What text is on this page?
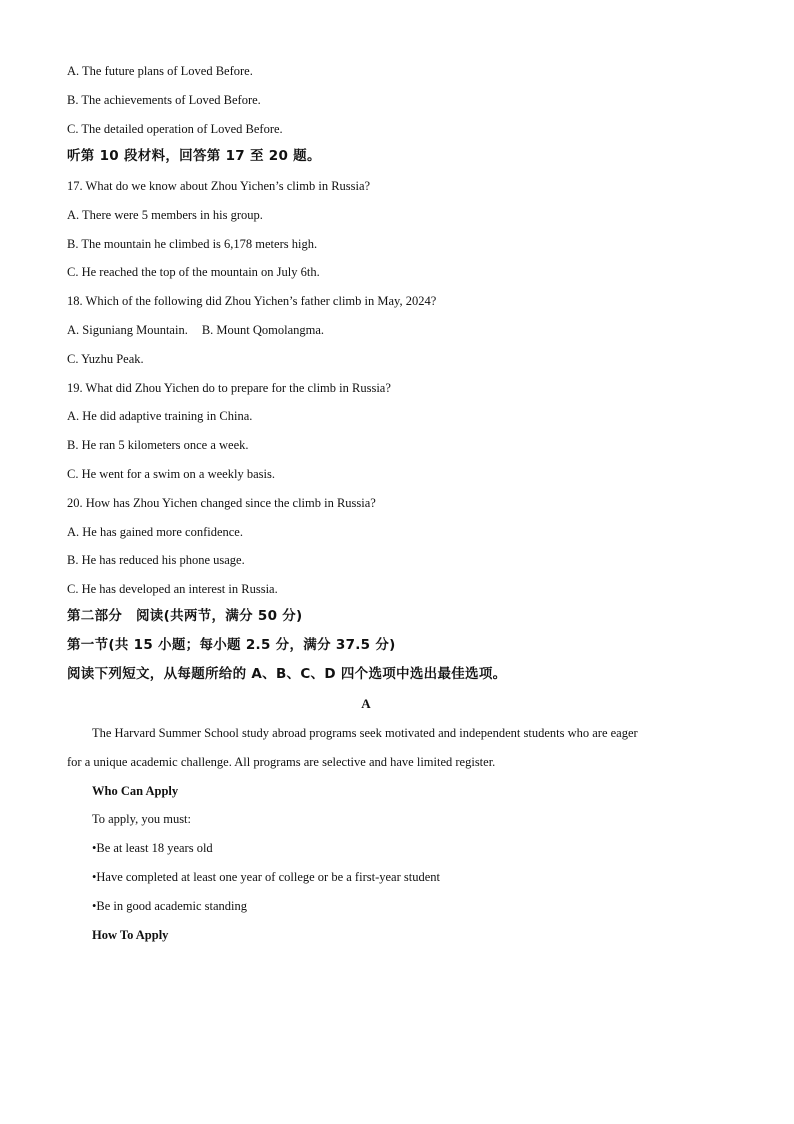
A. The future plans of Loved Before.
B. The achievements of Loved Before.
C. The detailed operation of Loved Before.
听第 10 段材料，回答第 17 至 20 题。
17. What do we know about Zhou Yichen’s climb in Russia?
A. There were 5 members in his group.
B. The mountain he climbed is 6,178 meters high.
C. He reached the top of the mountain on July 6th.
18. Which of the following did Zhou Yichen’s father climb in May, 2024?
A. Siguniang Mountain. B. Mount Qomolangma.
C. Yuzhu Peak.
19. What did Zhou Yichen do to prepare for the climb in Russia?
A. He did adaptive training in China.
B. He ran 5 kilometers once a week.
C. He went for a swim on a weekly basis.
20. How has Zhou Yichen changed since the climb in Russia?
A. He has gained more confidence.
B. He has reduced his phone usage.
C. He has developed an interest in Russia.
第二部分　阅读(共两节，满分 50 分)
第一节(共 15 小题；每小题 2.5 分，满分 37.5 分)
阅读下列短文，从每题所给的 A、B、C、D 四个选项中选出最佳选项。
A
The Harvard Summer School study abroad programs seek motivated and independent students who are eager
for a unique academic challenge. All programs are selective and have limited register.
Who Can Apply
To apply, you must:
•Be at least 18 years old
•Have completed at least one year of college or be a first-year student
•Be in good academic standing
How To Apply
